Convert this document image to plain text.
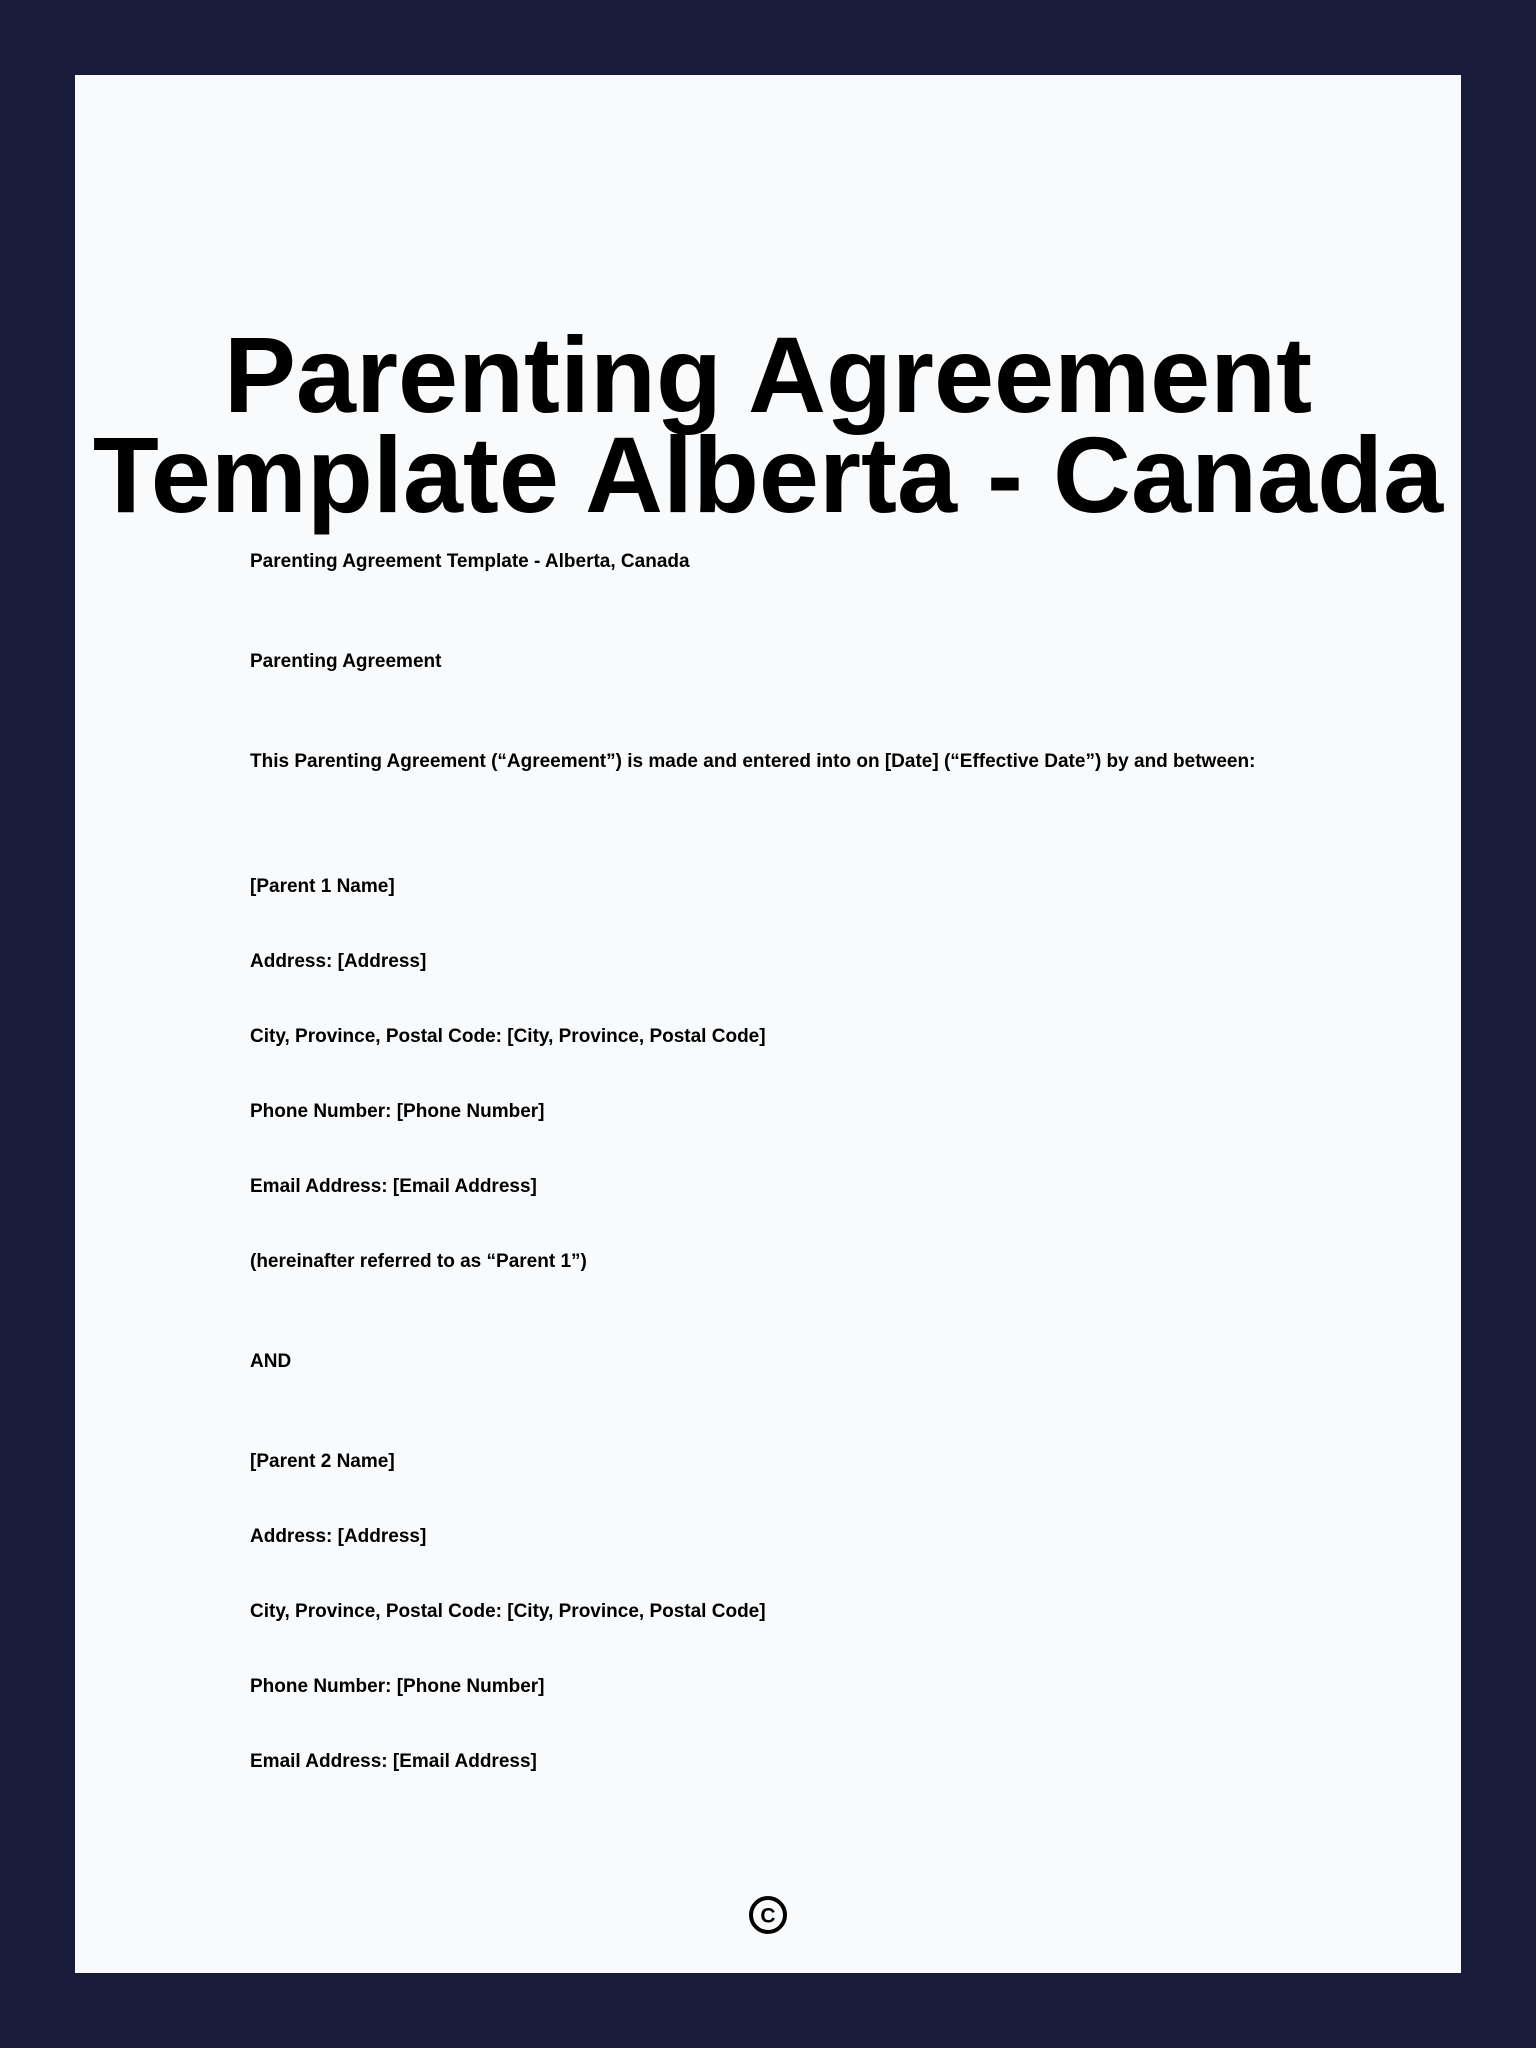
Parenting Agreement
Template Alberta - Canada

Parenting Agreement Template - Alberta, Canada

Parenting Agreement

This Parenting Agreement (“Agreement”) is made and entered into on [Date] (“Effective Date”) by and between:

[Parent 1 Name]

Address: [Address]

City, Province, Postal Code: [City, Province, Postal Code]

Phone Number: [Phone Number]

Email Address: [Email Address]

(hereinafter referred to as “Parent 1”)

AND

[Parent 2 Name]

Address: [Address]

City, Province, Postal Code: [City, Province, Postal Code]

Phone Number: [Phone Number]

Email Address: [Email Address]

C
